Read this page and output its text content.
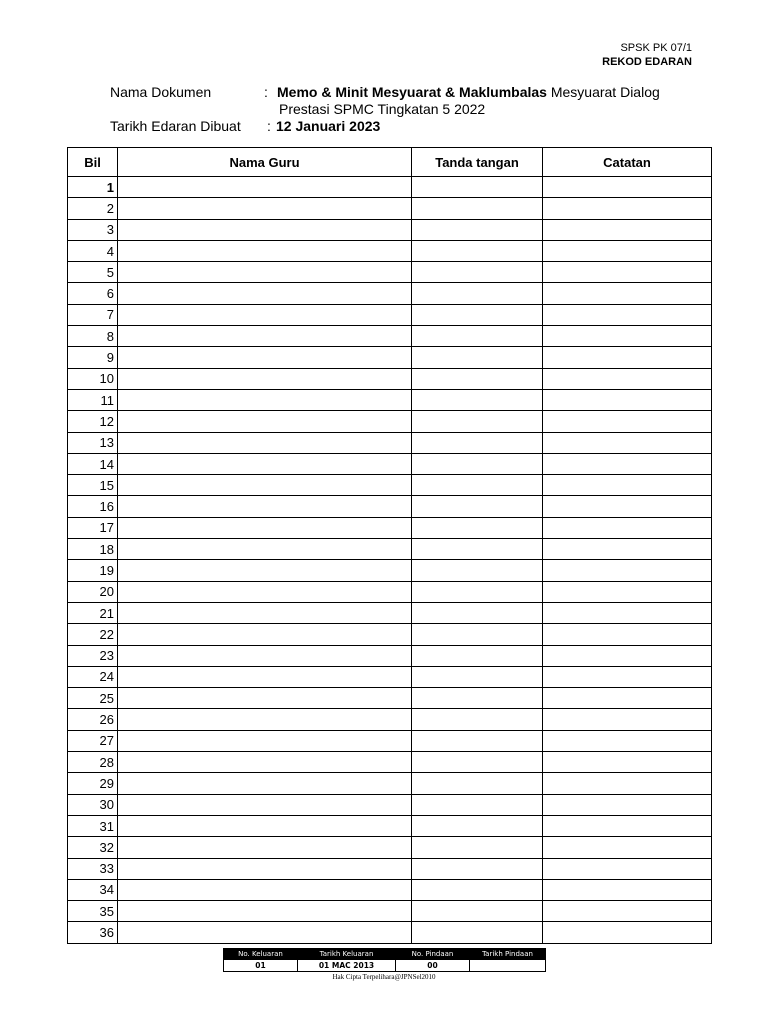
SPSK PK 07/1
REKOD EDARAN
Nama Dokumen	: Memo & Minit Mesyuarat & Maklumbalas Mesyuarat Dialog
Prestasi SPMC Tingkatan 5 2022
Tarikh Edaran Dibuat : 12 Januari 2023
Bil	Nama Guru	Tanda tangan	Catatan
1			
2			
3			
4			
5			
6			
7			
8			
9			
10			
11			
12			
13			
14			
15			
16			
17			
18			
19			
20			
21			
22			
23			
24			
25			
26			
27			
28			
29			
30			
31			
32			
33			
34			
35			
36			
No. Keluaran	Tarikh Keluaran	No. Pindaan	Tarikh Pindaan
01	01 MAC 2013	00	
Hak Cipta Terpelihara@JPNSel2010
